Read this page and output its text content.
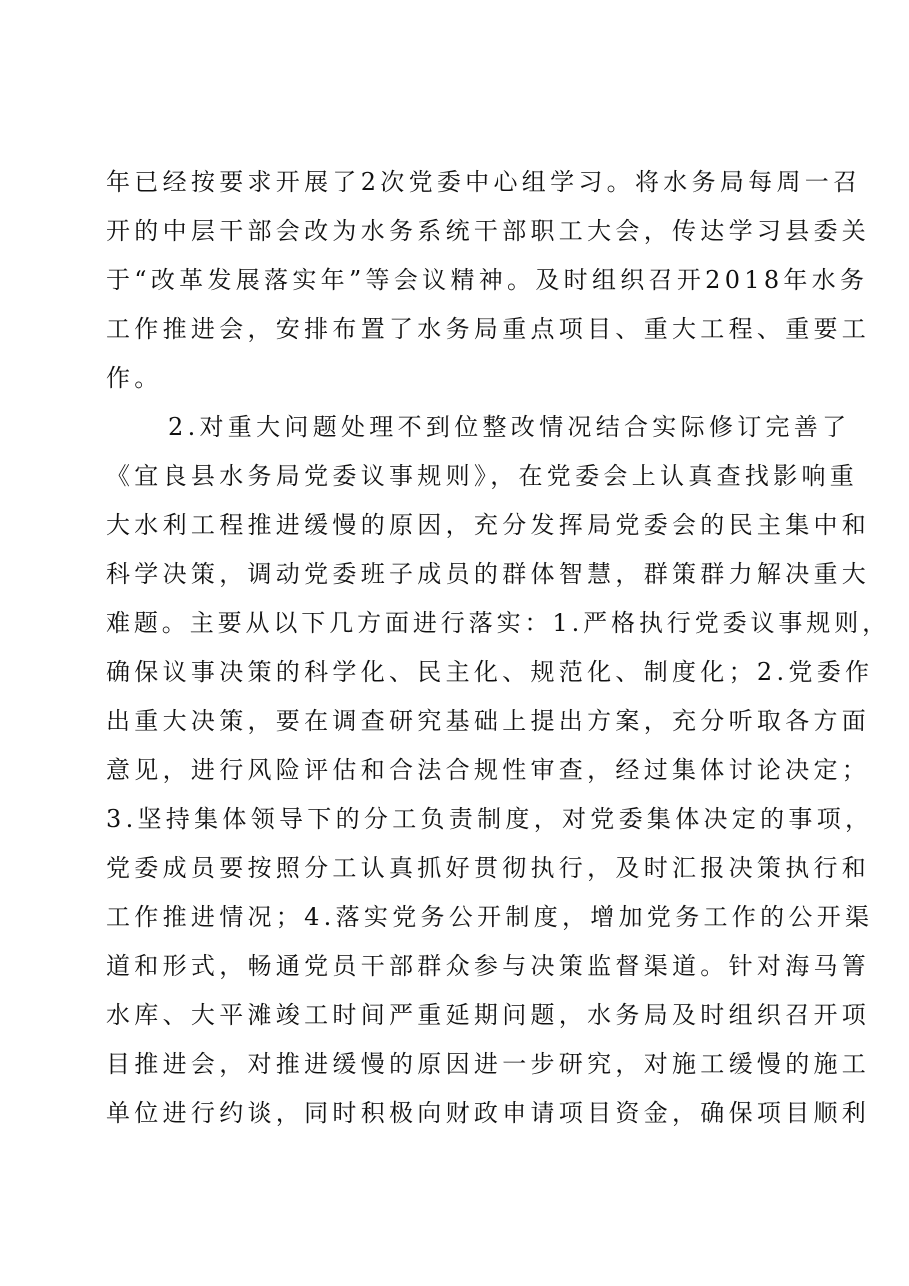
年已经按要求开展了2次党委中心组学习。将水务局每周一召
开的中层干部会改为水务系统干部职工大会，传达学习县委关
于“改革发展落实年”等会议精神。及时组织召开2018年水务
工作推进会，安排布置了水务局重点项目、重大工程、重要工
作。
2.对重大问题处理不到位整改情况结合实际修订完善了
《宜良县水务局党委议事规则》，在党委会上认真查找影响重
大水利工程推进缓慢的原因，充分发挥局党委会的民主集中和
科学决策，调动党委班子成员的群体智慧，群策群力解决重大
难题。主要从以下几方面进行落实：1.严格执行党委议事规则，
确保议事决策的科学化、民主化、规范化、制度化；2.党委作
出重大决策，要在调查研究基础上提出方案，充分听取各方面
意见，进行风险评估和合法合规性审查，经过集体讨论决定；
3.坚持集体领导下的分工负责制度，对党委集体决定的事项，
党委成员要按照分工认真抓好贯彻执行，及时汇报决策执行和
工作推进情况；4.落实党务公开制度，增加党务工作的公开渠
道和形式，畅通党员干部群众参与决策监督渠道。针对海马箐
水库、大平滩竣工时间严重延期问题，水务局及时组织召开项
目推进会，对推进缓慢的原因进一步研究，对施工缓慢的施工
单位进行约谈，同时积极向财政申请项目资金，确保项目顺利
